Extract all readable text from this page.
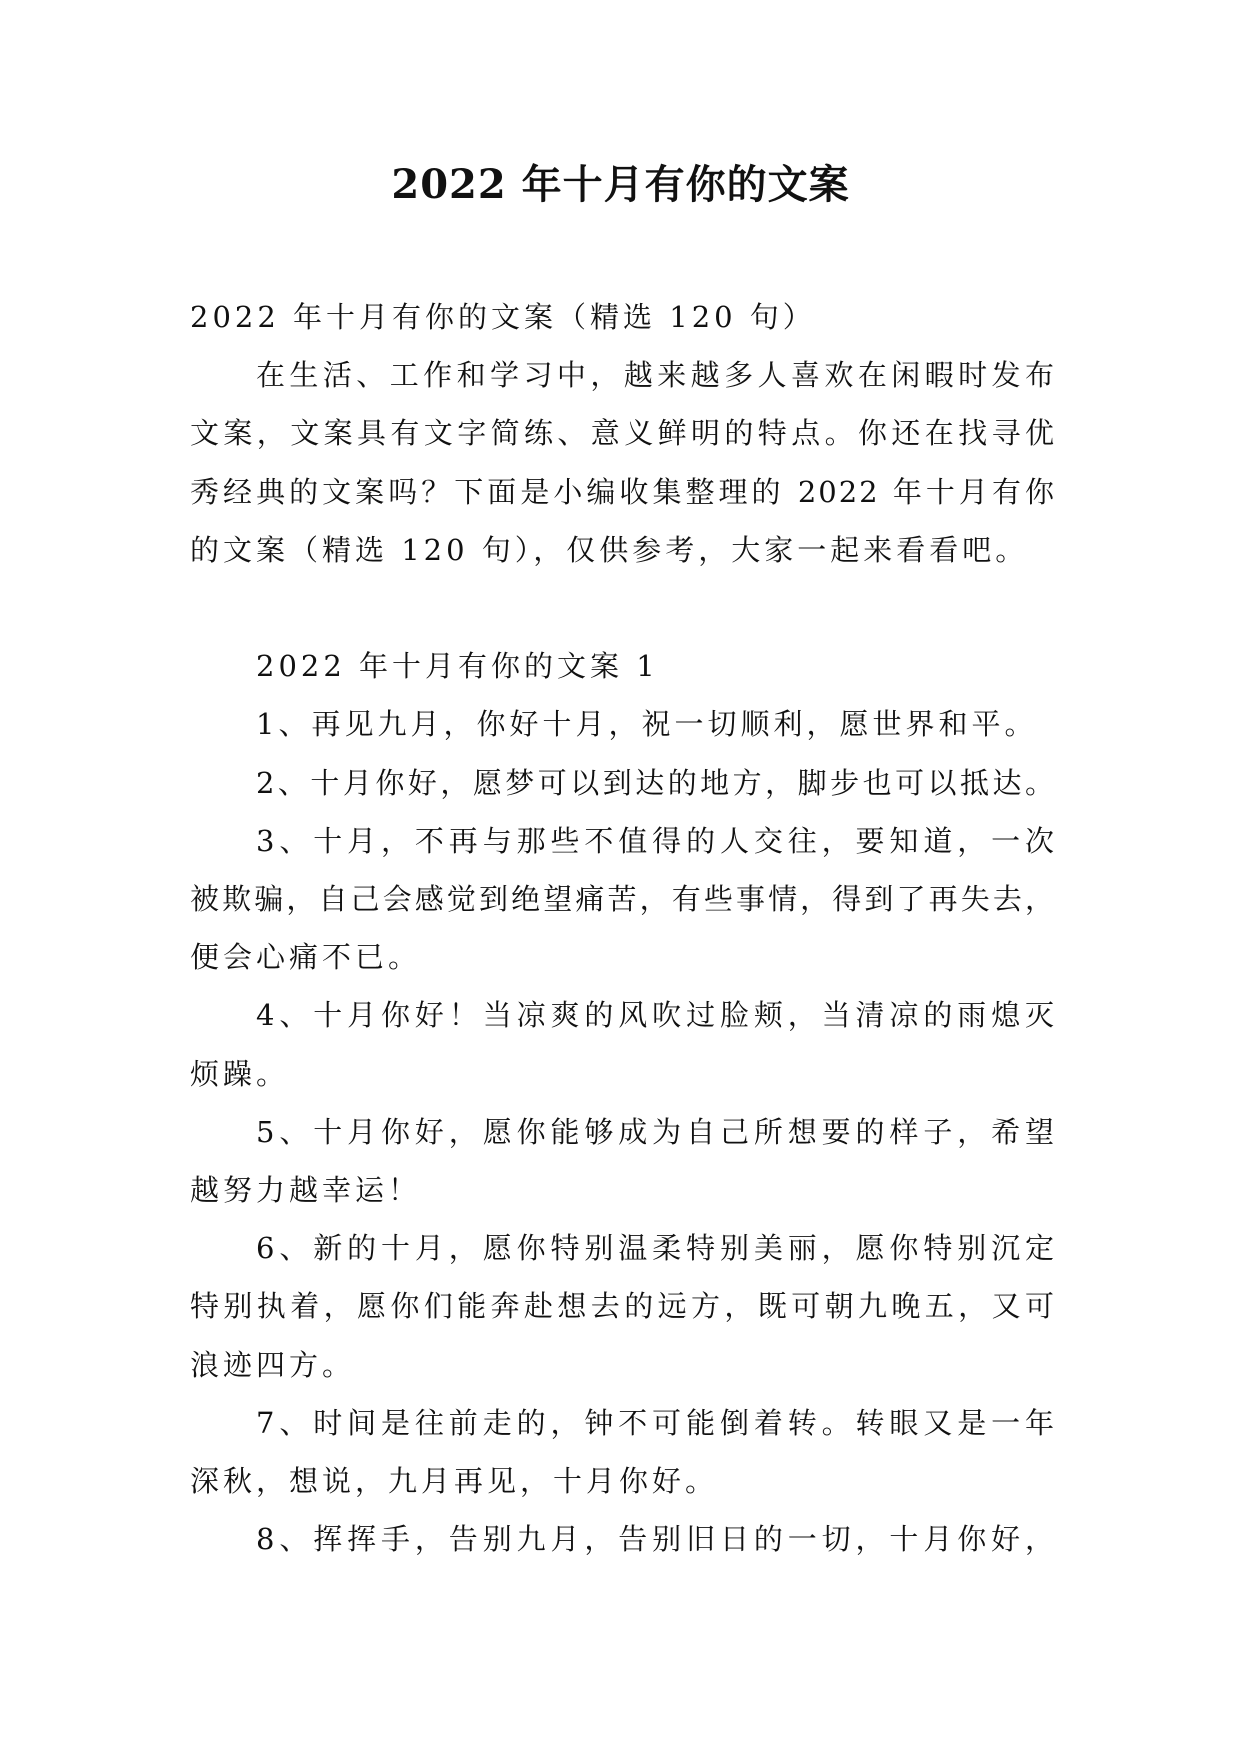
2022 年十月有你的文案
2022 年十月有你的文案（精选 120 句）
在生活、工作和学习中，越来越多人喜欢在闲暇时发布
文案，文案具有文字简练、意义鲜明的特点。你还在找寻优
秀经典的文案吗？下面是小编收集整理的 2022 年十月有你
的文案（精选 120 句），仅供参考，大家一起来看看吧。
2022 年十月有你的文案 1
1、再见九月，你好十月，祝一切顺利，愿世界和平。
2、十月你好，愿梦可以到达的地方，脚步也可以抵达。
3、十月，不再与那些不值得的人交往，要知道，一次
被欺骗，自己会感觉到绝望痛苦，有些事情，得到了再失去，
便会心痛不已。
4、十月你好！当凉爽的风吹过脸颊，当清凉的雨熄灭
烦躁。
5、十月你好，愿你能够成为自己所想要的样子，希望
越努力越幸运！
6、新的十月，愿你特别温柔特别美丽，愿你特别沉定
特别执着，愿你们能奔赴想去的远方，既可朝九晚五，又可
浪迹四方。
7、时间是往前走的，钟不可能倒着转。转眼又是一年
深秋，想说，九月再见，十月你好。
8、挥挥手，告别九月，告别旧日的一切，十月你好，
